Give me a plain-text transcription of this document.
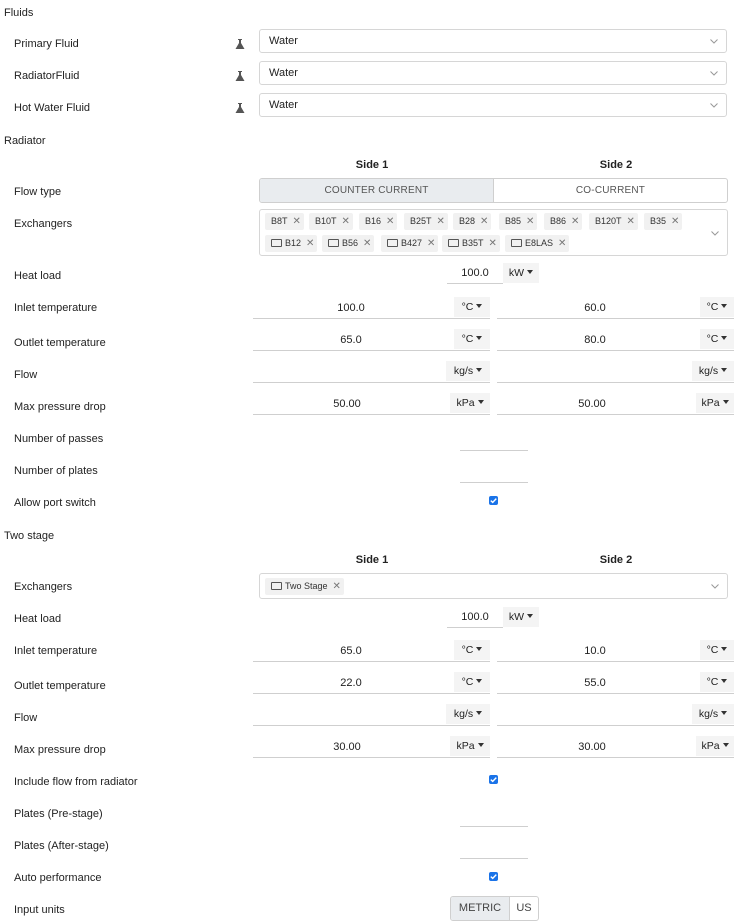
Fluids
Primary Fluid	Water
RadiatorFluid	Water
Hot Water Fluid	Water
Radiator
Side 1	Side 2
Flow type	COUNTER CURRENT	CO-CURRENT
Exchangers	B8T ✕	B10T ✕	B16 ✕	B25T ✕	B28 ✕	B85 ✕	B86 ✕	B120T ✕	B35 ✕
B12 ✕	B56 ✕	B427 ✕	B35T ✕	E8LAS ✕
Heat load	100.0	kW
Inlet temperature	100.0	°C	60.0	°C
Outlet temperature	65.0	°C	80.0	°C
Flow	kg/s	kg/s
Max pressure drop	50.00	kPa	50.00	kPa
Number of passes
Number of plates
Allow port switch
Two stage
Side 1	Side 2
Exchangers	Two Stage ✕
Heat load	100.0	kW
Inlet temperature	65.0	°C	10.0	°C
Outlet temperature	22.0	°C	55.0	°C
Flow	kg/s	kg/s
Max pressure drop	30.00	kPa	30.00	kPa
Include flow from radiator
Plates (Pre-stage)
Plates (After-stage)
Auto performance
Input units	METRIC	US
